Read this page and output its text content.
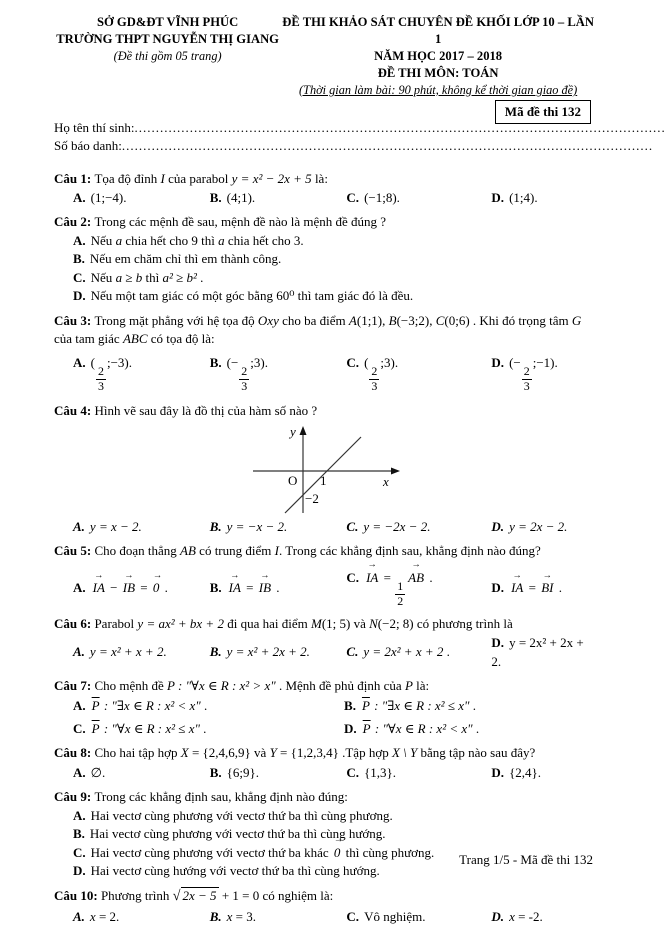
SỞ GD&ĐT VĨNH PHÚC
TRƯỜNG THPT NGUYỄN THỊ GIANG
(Đề thi gồm 05 trang)
ĐỀ THI KHẢO SÁT CHUYÊN ĐỀ KHỐI LỚP 10 – LẦN 1
NĂM HỌC 2017 – 2018
ĐỀ THI MÔN: TOÁN
(Thời gian làm bài: 90 phút, không kể thời gian giao đề)
Mã đề thi 132
Họ tên thí sinh: .............................................................................................................................
Số báo danh: .............................................................................................................................
Câu 1: Tọa độ đỉnh I của parabol y = x² − 2x + 5 là:
A. (1;−4).	B. (4;1).	C. (−1;8).	D. (1;4).
Câu 2: Trong các mệnh đề sau, mệnh đề nào là mệnh đề đúng ?
A. Nếu a chia hết cho 9 thì a chia hết cho 3.
B. Nếu em chăm chỉ thì em thành công.
C. Nếu a ≥ b thì a² ≥ b² .
D. Nếu một tam giác có một góc bằng 60⁰ thì tam giác đó là đều.
Câu 3: Trong mặt phẳng với hệ tọa độ Oxy cho ba điểm A(1;1), B(−3;2), C(0;6) . Khi đó trọng tâm G của tam giác ABC có tọa độ là:
A. (
$\frac{2}{3}$
;−3).	B. (−
$\frac{2}{3}$
;3).	C. (
$\frac{2}{3}$
;3).	D. (−
$\frac{2}{3}$
;−1).
Câu 4: Hình vẽ sau đây là đồ thị của hàm số nào ?
y
x
O 1
−2
A. y = x − 2.	B. y = −x − 2.	C. y = −2x − 2.	D. y = 2x − 2.
Câu 5: Cho đoạn thẳng AB có trung điểm I. Trong các khẳng định sau, khẳng định nào đúng?
A. IA → − IB → = 0 → .	B. IA → = IB → .
C. IA → =
$\frac{1}{2}$
AB → .
D. IA → = BI → .
Câu 6: Parabol y = ax² + bx + 2 đi qua hai điểm M(1; 5) và N(−2; 8) có phương trình là
A. y = x² + x + 2.	B. y = x² + 2x + 2.	C. y = 2x² + x + 2 .
D. y = 2x² + 2x + 2.
Câu 7: Cho mệnh đề P : "∀x ∈ R : x² > x" . Mệnh đề phủ định của P là:
A. $\overline{P}$ : "∃x ∈ R : x² < x" .	B. $\overline{P}$ : "∃x ∈ R : x² ≤ x" .
C. $\overline{P}$ : "∀x ∈ R : x² ≤ x" .	D. $\overline{P}$ : "∀x ∈ R : x² < x" .
Câu 8: Cho hai tập hợp X = {2,4,6,9} và Y = {1,2,3,4} .Tập hợp X \ Y bằng tập nào sau đây?
A. ∅.	B. {6;9}.	C. {1,3}.	D. {2,4}.
Câu 9: Trong các khẳng định sau, khẳng định nào đúng:
A. Hai vectơ cùng phương với vectơ thứ ba thì cùng phương.
B. Hai vectơ cùng phương với vectơ thứ ba thì cùng hướng.
C. Hai vectơ cùng phương với vectơ thứ ba khác 0 → thì cùng phương.
D. Hai vectơ cùng hướng với vectơ thứ ba thì cùng hướng.
Câu 10: Phương trình √ 2x − 5 + 1 = 0 có nghiệm là:
A. x = 2.	B. x = 3.	C. Vô nghiệm.	D. x = -2.
Trang 1/5 - Mã đề thi 132
